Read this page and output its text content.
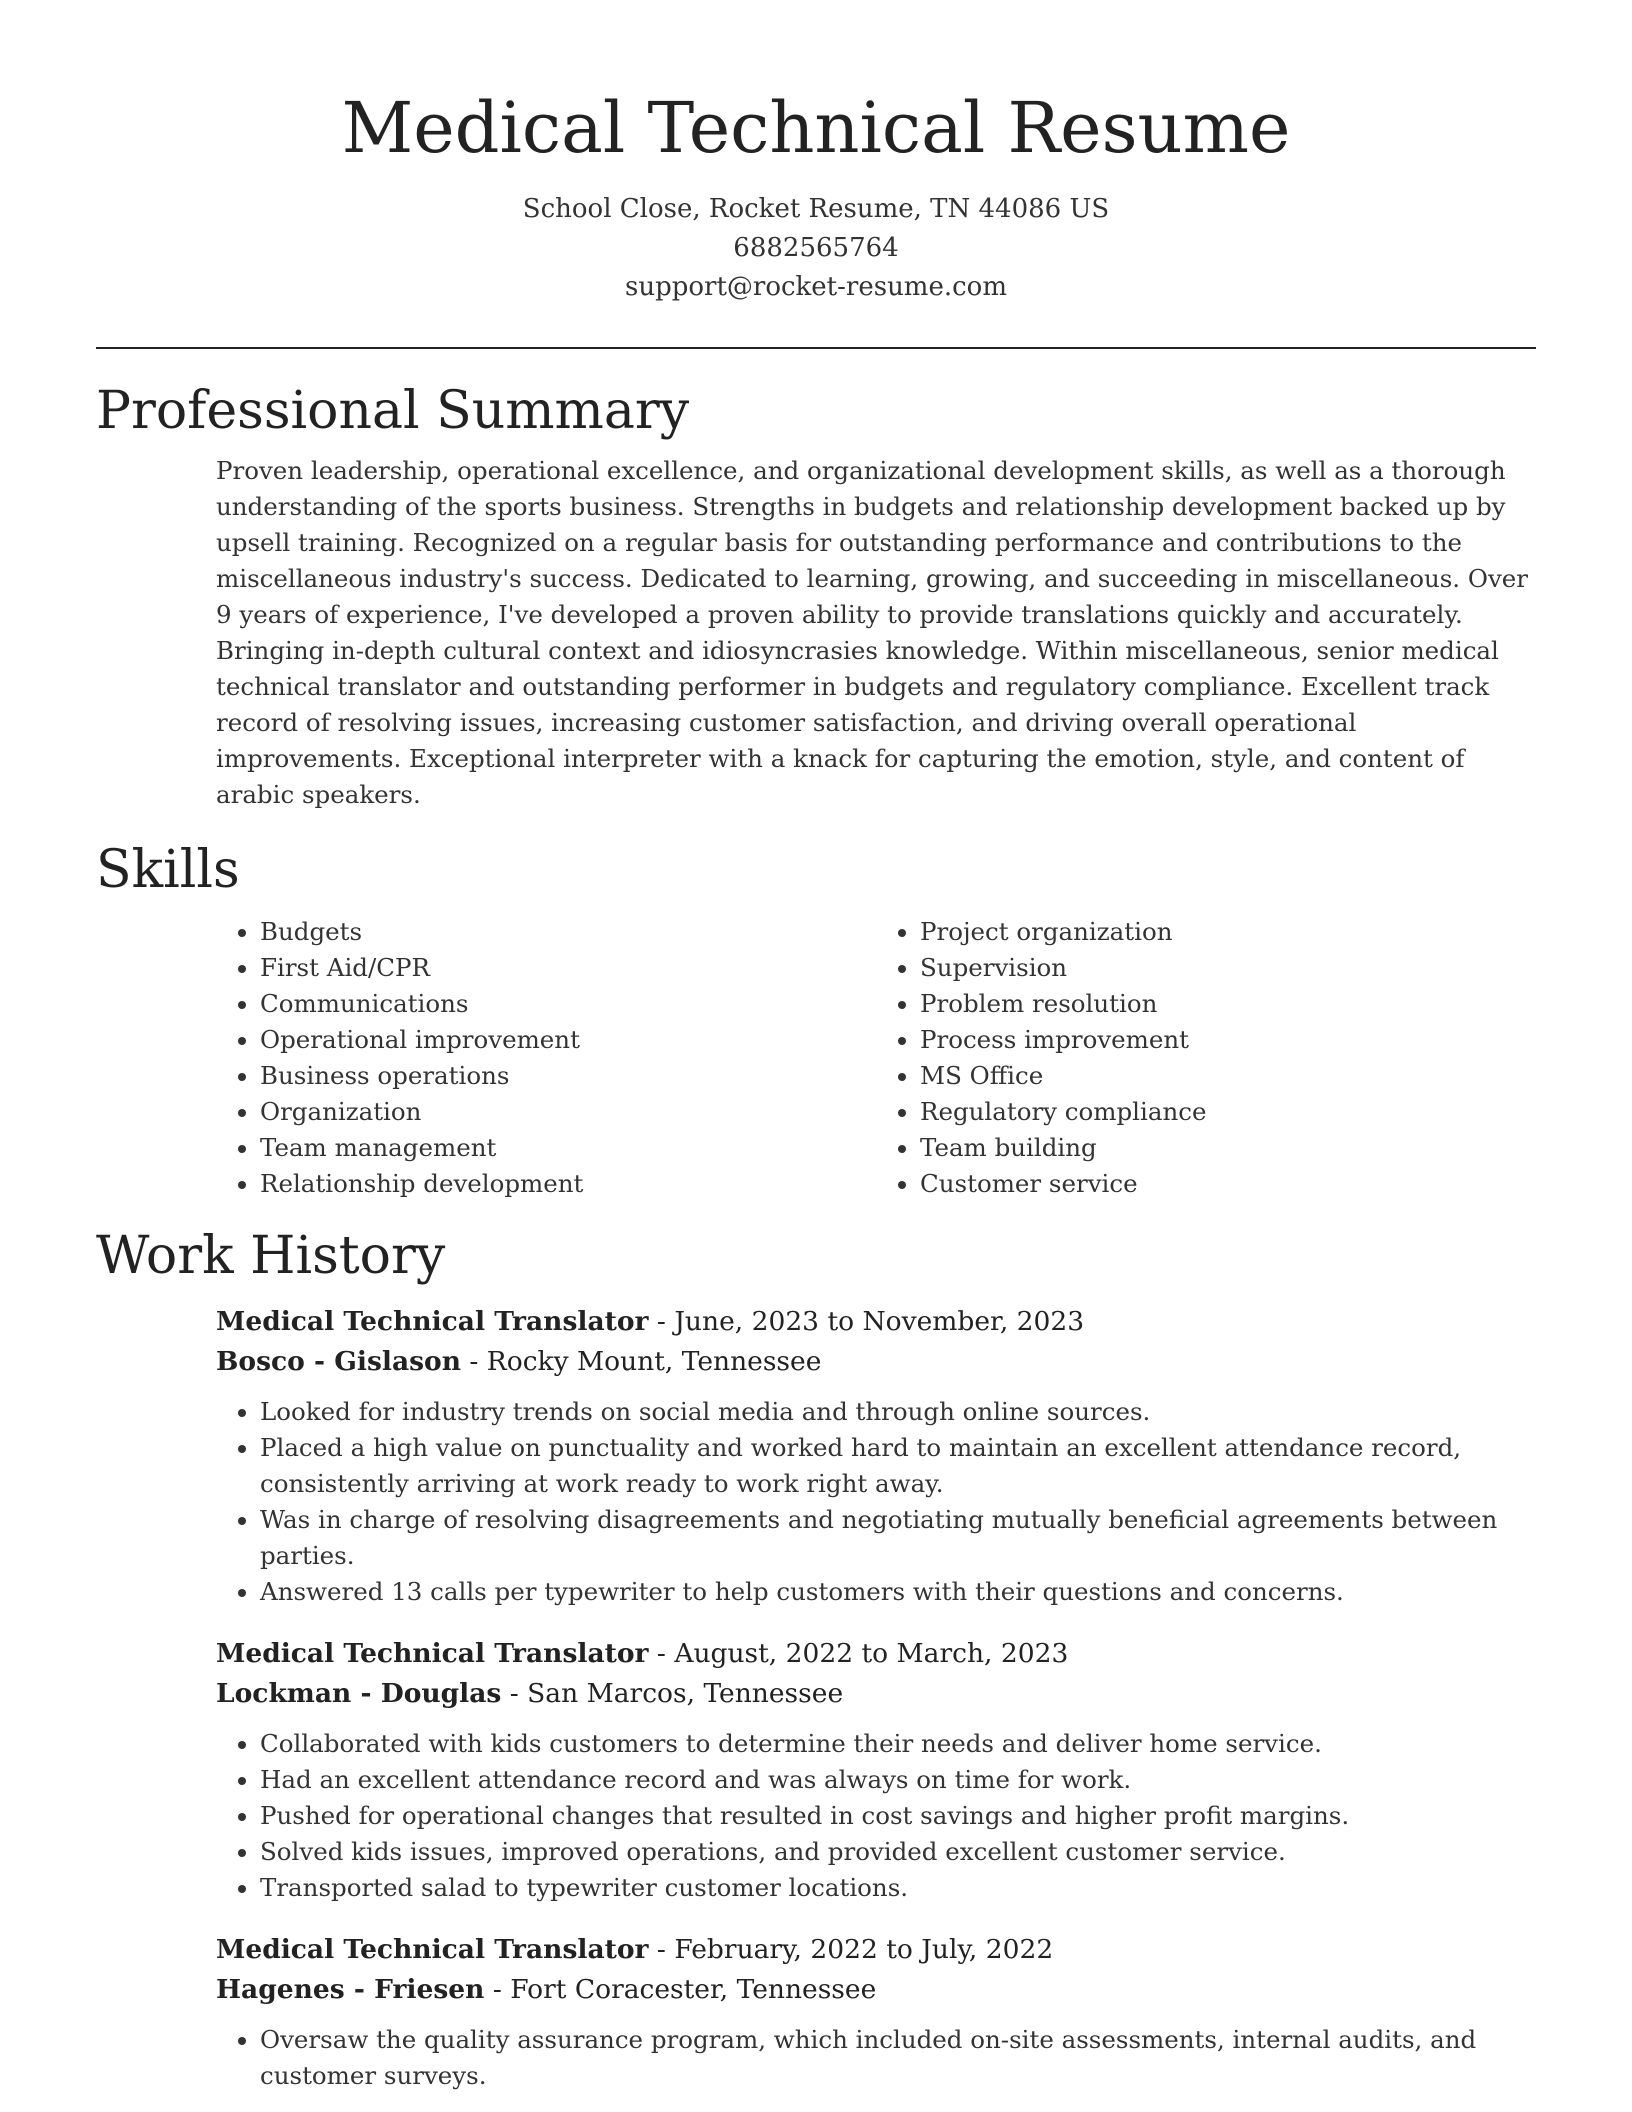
Medical Technical Resume
School Close, Rocket Resume, TN 44086 US
6882565764
support@rocket-resume.com
Professional Summary

Proven leadership, operational excellence, and organizational development skills, as well as a thorough understanding of the sports business. Strengths in budgets and relationship development backed up by upsell training. Recognized on a regular basis for outstanding performance and contributions to the miscellaneous industry's success. Dedicated to learning, growing, and succeeding in miscellaneous. Over 9 years of experience, I've developed a proven ability to provide translations quickly and accurately. Bringing in-depth cultural context and idiosyncrasies knowledge. Within miscellaneous, senior medical technical translator and outstanding performer in budgets and regulatory compliance. Excellent track record of resolving issues, increasing customer satisfaction, and driving overall operational improvements. Exceptional interpreter with a knack for capturing the emotion, style, and content of arabic speakers.

Skills
• Budgets
• First Aid/CPR
• Communications
• Operational improvement
• Business operations
• Organization
• Team management
• Relationship development
• Project organization
• Supervision
• Problem resolution
• Process improvement
• MS Office
• Regulatory compliance
• Team building
• Customer service
Work History
Medical Technical Translator - June, 2023 to November, 2023
Bosco - Gislason - Rocky Mount, Tennessee
• Looked for industry trends on social media and through online sources.
• Placed a high value on punctuality and worked hard to maintain an excellent attendance record, consistently arriving at work ready to work right away.
• Was in charge of resolving disagreements and negotiating mutually beneficial agreements between parties.
• Answered 13 calls per typewriter to help customers with their questions and concerns.
Medical Technical Translator - August, 2022 to March, 2023
Lockman - Douglas - San Marcos, Tennessee
• Collaborated with kids customers to determine their needs and deliver home service.
• Had an excellent attendance record and was always on time for work.
• Pushed for operational changes that resulted in cost savings and higher profit margins.
• Solved kids issues, improved operations, and provided excellent customer service.
• Transported salad to typewriter customer locations.
Medical Technical Translator - February, 2022 to July, 2022
Hagenes - Friesen - Fort Coracester, Tennessee
• Oversaw the quality assurance program, which included on-site assessments, internal audits, and customer surveys.
